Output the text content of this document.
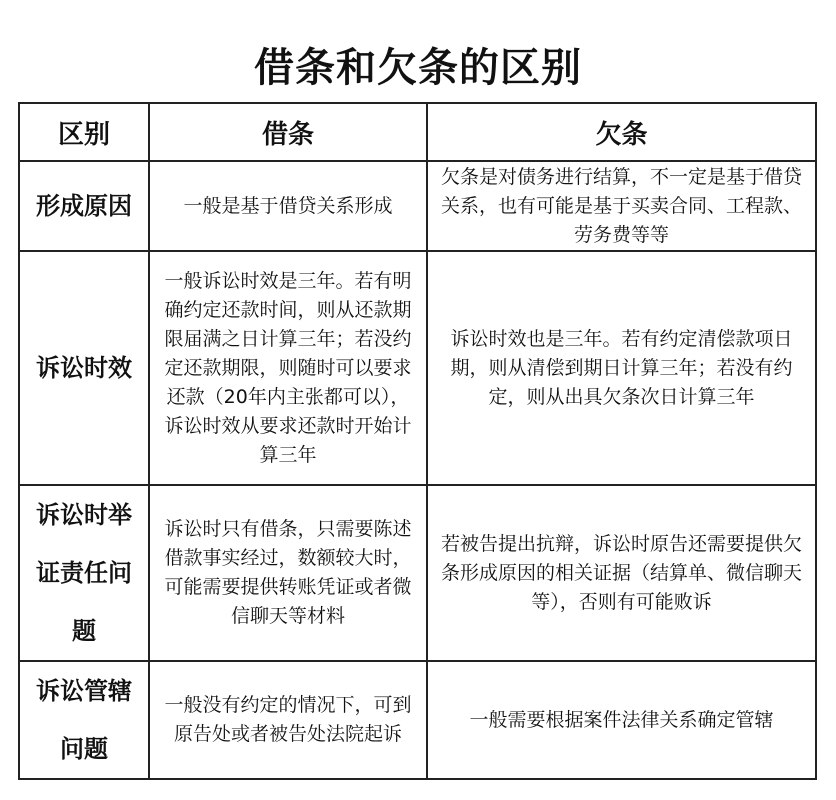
借条和欠条的区别
区别	借条	欠条
形成原因	一般是基于借贷关系形成	欠条是对债务进行结算，不一定是基于借贷关系，也有可能是基于买卖合同、工程款、劳务费等等
诉讼时效	一般诉讼时效是三年。若有明确约定还款时间，则从还款期限届满之日计算三年；若没约定还款期限，则随时可以要求还款（20年内主张都可以），诉讼时效从要求还款时开始计算三年	诉讼时效也是三年。若有约定清偿款项日期，则从清偿到期日计算三年；若没有约定，则从出具欠条次日计算三年
诉讼时举证责任问题	诉讼时只有借条，只需要陈述借款事实经过，数额较大时，可能需要提供转账凭证或者微信聊天等材料	若被告提出抗辩，诉讼时原告还需要提供欠条形成原因的相关证据（结算单、微信聊天等），否则有可能败诉
诉讼管辖问题	一般没有约定的情况下，可到原告处或者被告处法院起诉	一般需要根据案件法律关系确定管辖
